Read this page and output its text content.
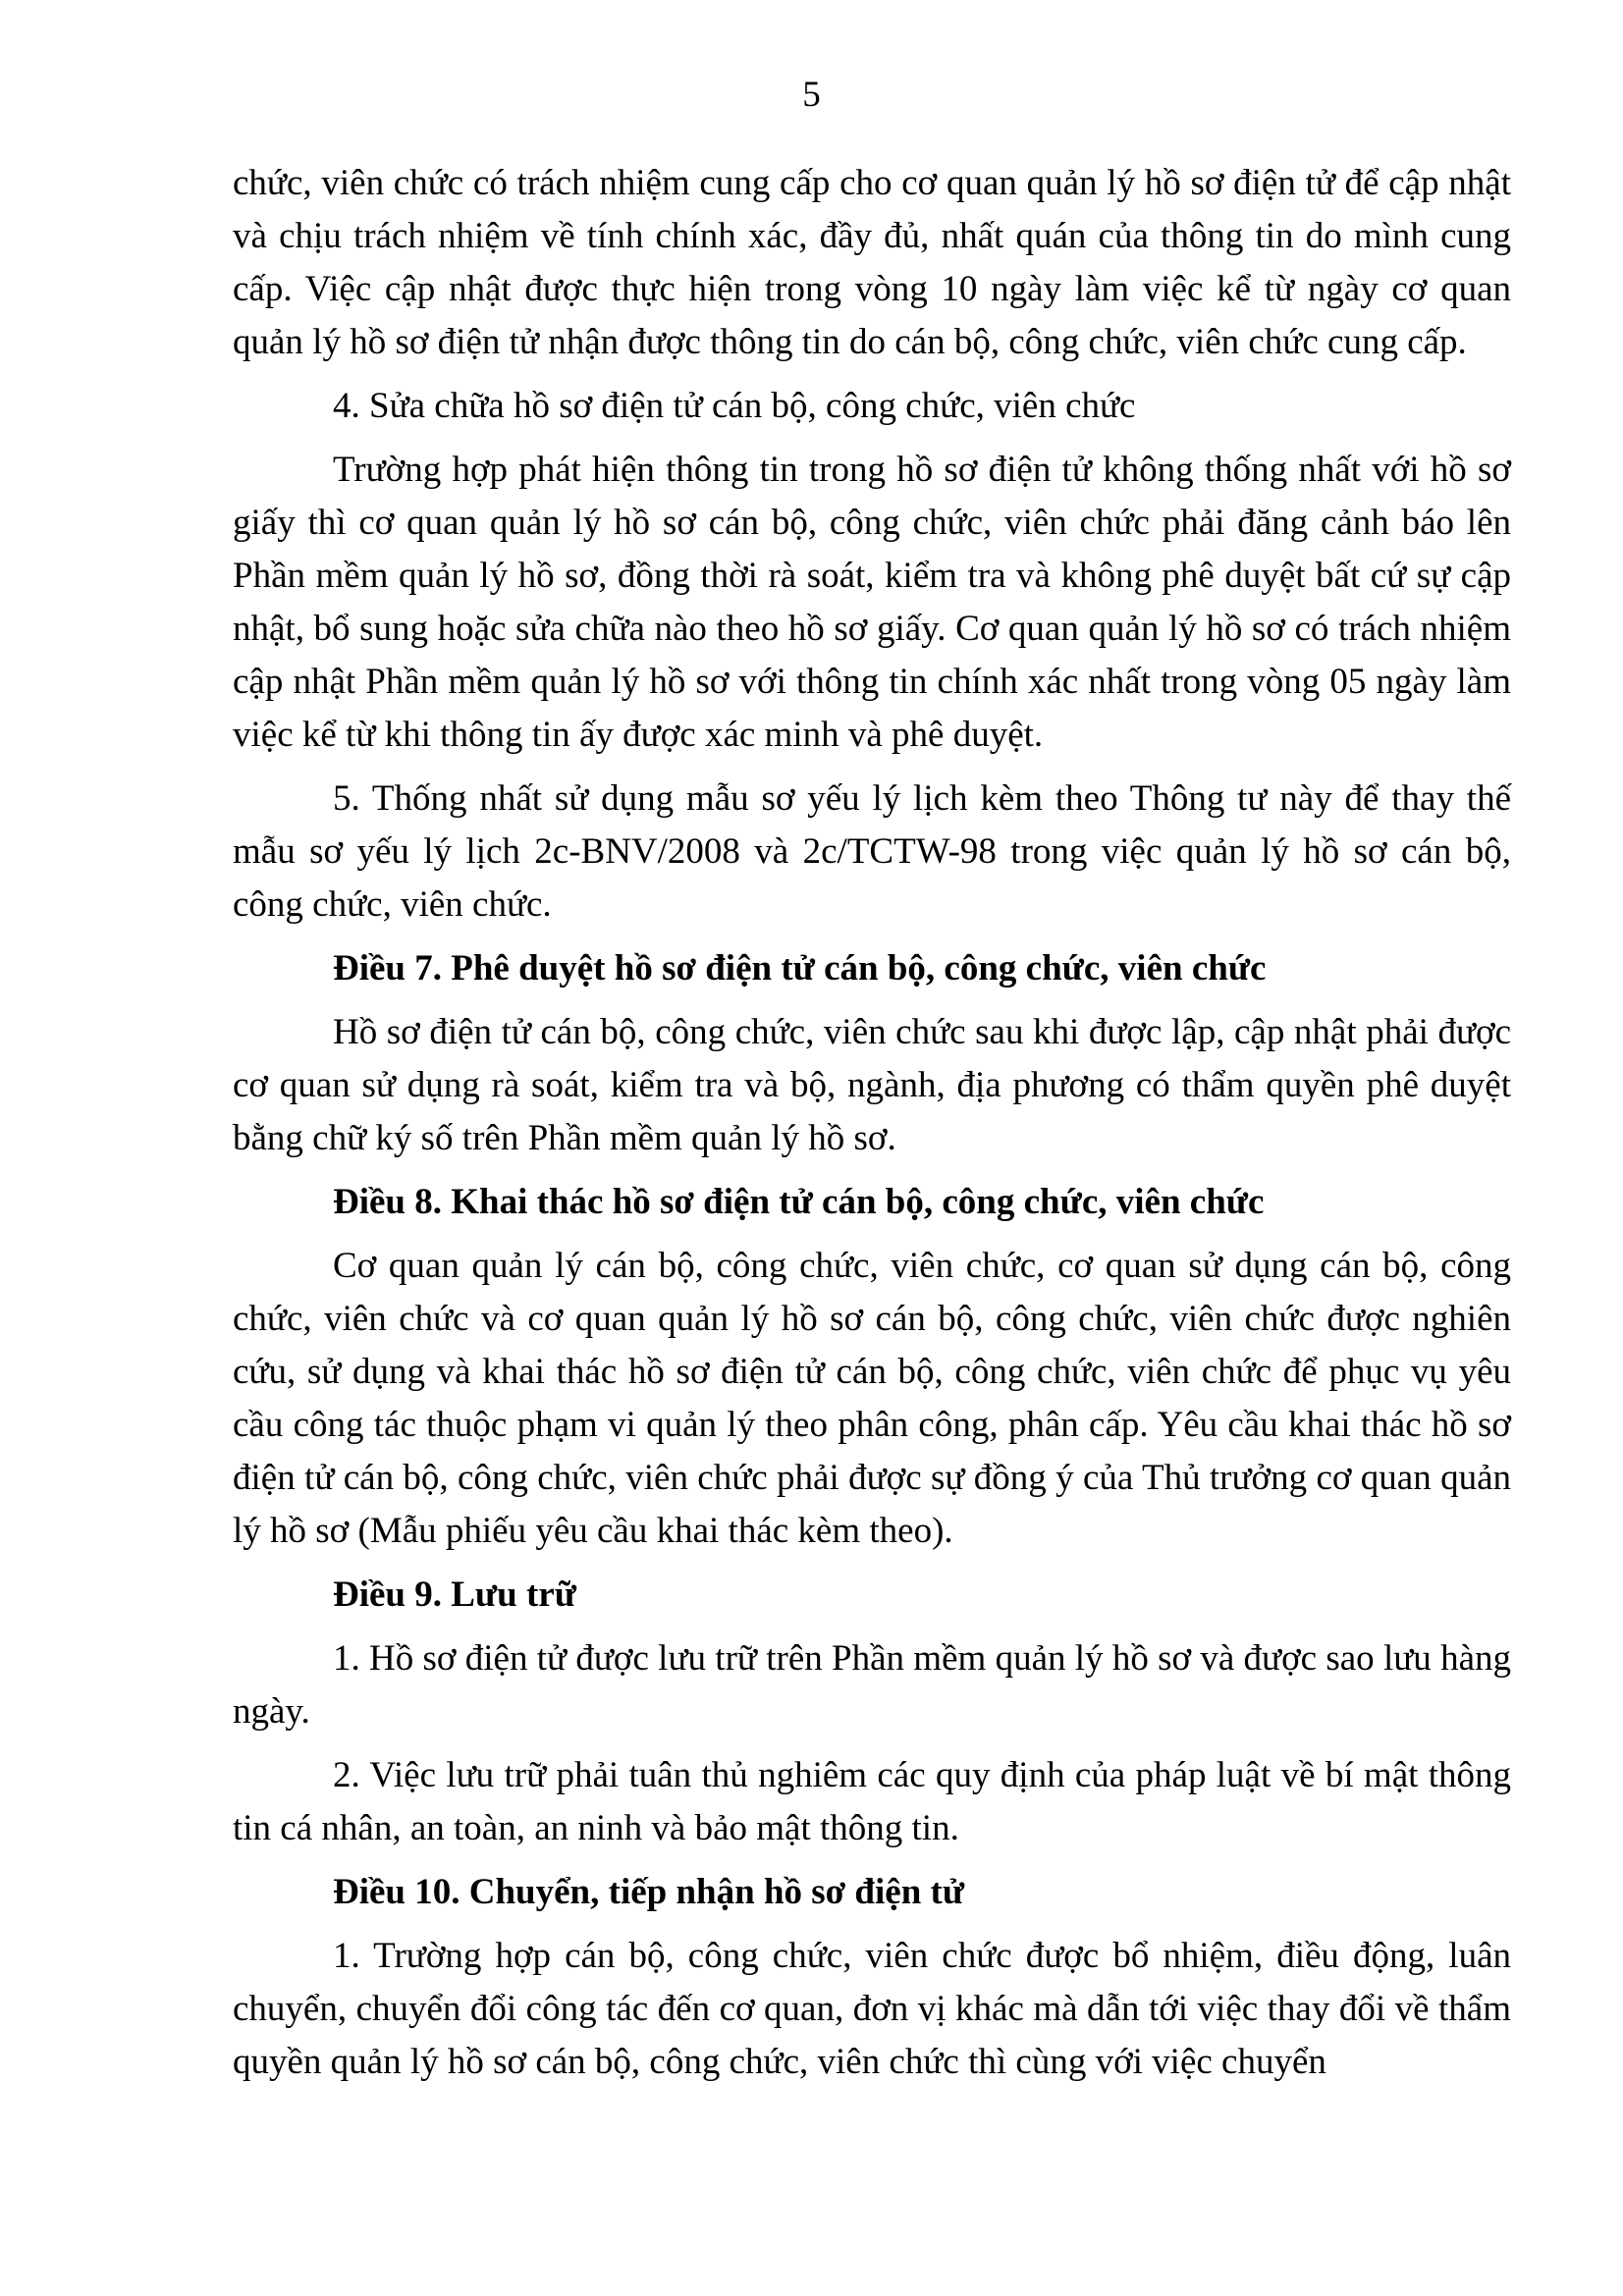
5

chức, viên chức có trách nhiệm cung cấp cho cơ quan quản lý hồ sơ điện tử để cập nhật và chịu trách nhiệm về tính chính xác, đầy đủ, nhất quán của thông tin do mình cung cấp. Việc cập nhật được thực hiện trong vòng 10 ngày làm việc kể từ ngày cơ quan quản lý hồ sơ điện tử nhận được thông tin do cán bộ, công chức, viên chức cung cấp.

4. Sửa chữa hồ sơ điện tử cán bộ, công chức, viên chức

Trường hợp phát hiện thông tin trong hồ sơ điện tử không thống nhất với hồ sơ giấy thì cơ quan quản lý hồ sơ cán bộ, công chức, viên chức phải đăng cảnh báo lên Phần mềm quản lý hồ sơ, đồng thời rà soát, kiểm tra và không phê duyệt bất cứ sự cập nhật, bổ sung hoặc sửa chữa nào theo hồ sơ giấy. Cơ quan quản lý hồ sơ có trách nhiệm cập nhật Phần mềm quản lý hồ sơ với thông tin chính xác nhất trong vòng 05 ngày làm việc kể từ khi thông tin ấy được xác minh và phê duyệt.

5. Thống nhất sử dụng mẫu sơ yếu lý lịch kèm theo Thông tư này để thay thế mẫu sơ yếu lý lịch 2c-BNV/2008 và 2c/TCTW-98 trong việc quản lý hồ sơ cán bộ, công chức, viên chức.

Điều 7. Phê duyệt hồ sơ điện tử cán bộ, công chức, viên chức

Hồ sơ điện tử cán bộ, công chức, viên chức sau khi được lập, cập nhật phải được cơ quan sử dụng rà soát, kiểm tra và bộ, ngành, địa phương có thẩm quyền phê duyệt bằng chữ ký số trên Phần mềm quản lý hồ sơ.

Điều 8. Khai thác hồ sơ điện tử cán bộ, công chức, viên chức

Cơ quan quản lý cán bộ, công chức, viên chức, cơ quan sử dụng cán bộ, công chức, viên chức và cơ quan quản lý hồ sơ cán bộ, công chức, viên chức được nghiên cứu, sử dụng và khai thác hồ sơ điện tử cán bộ, công chức, viên chức để phục vụ yêu cầu công tác thuộc phạm vi quản lý theo phân công, phân cấp. Yêu cầu khai thác hồ sơ điện tử cán bộ, công chức, viên chức phải được sự đồng ý của Thủ trưởng cơ quan quản lý hồ sơ (Mẫu phiếu yêu cầu khai thác kèm theo).

Điều 9. Lưu trữ

1. Hồ sơ điện tử được lưu trữ trên Phần mềm quản lý hồ sơ và được sao lưu hàng ngày.

2. Việc lưu trữ phải tuân thủ nghiêm các quy định của pháp luật về bí mật thông tin cá nhân, an toàn, an ninh và bảo mật thông tin.

Điều 10. Chuyển, tiếp nhận hồ sơ điện tử

1. Trường hợp cán bộ, công chức, viên chức được bổ nhiệm, điều động, luân chuyển, chuyển đổi công tác đến cơ quan, đơn vị khác mà dẫn tới việc thay đổi về thẩm quyền quản lý hồ sơ cán bộ, công chức, viên chức thì cùng với việc chuyển
